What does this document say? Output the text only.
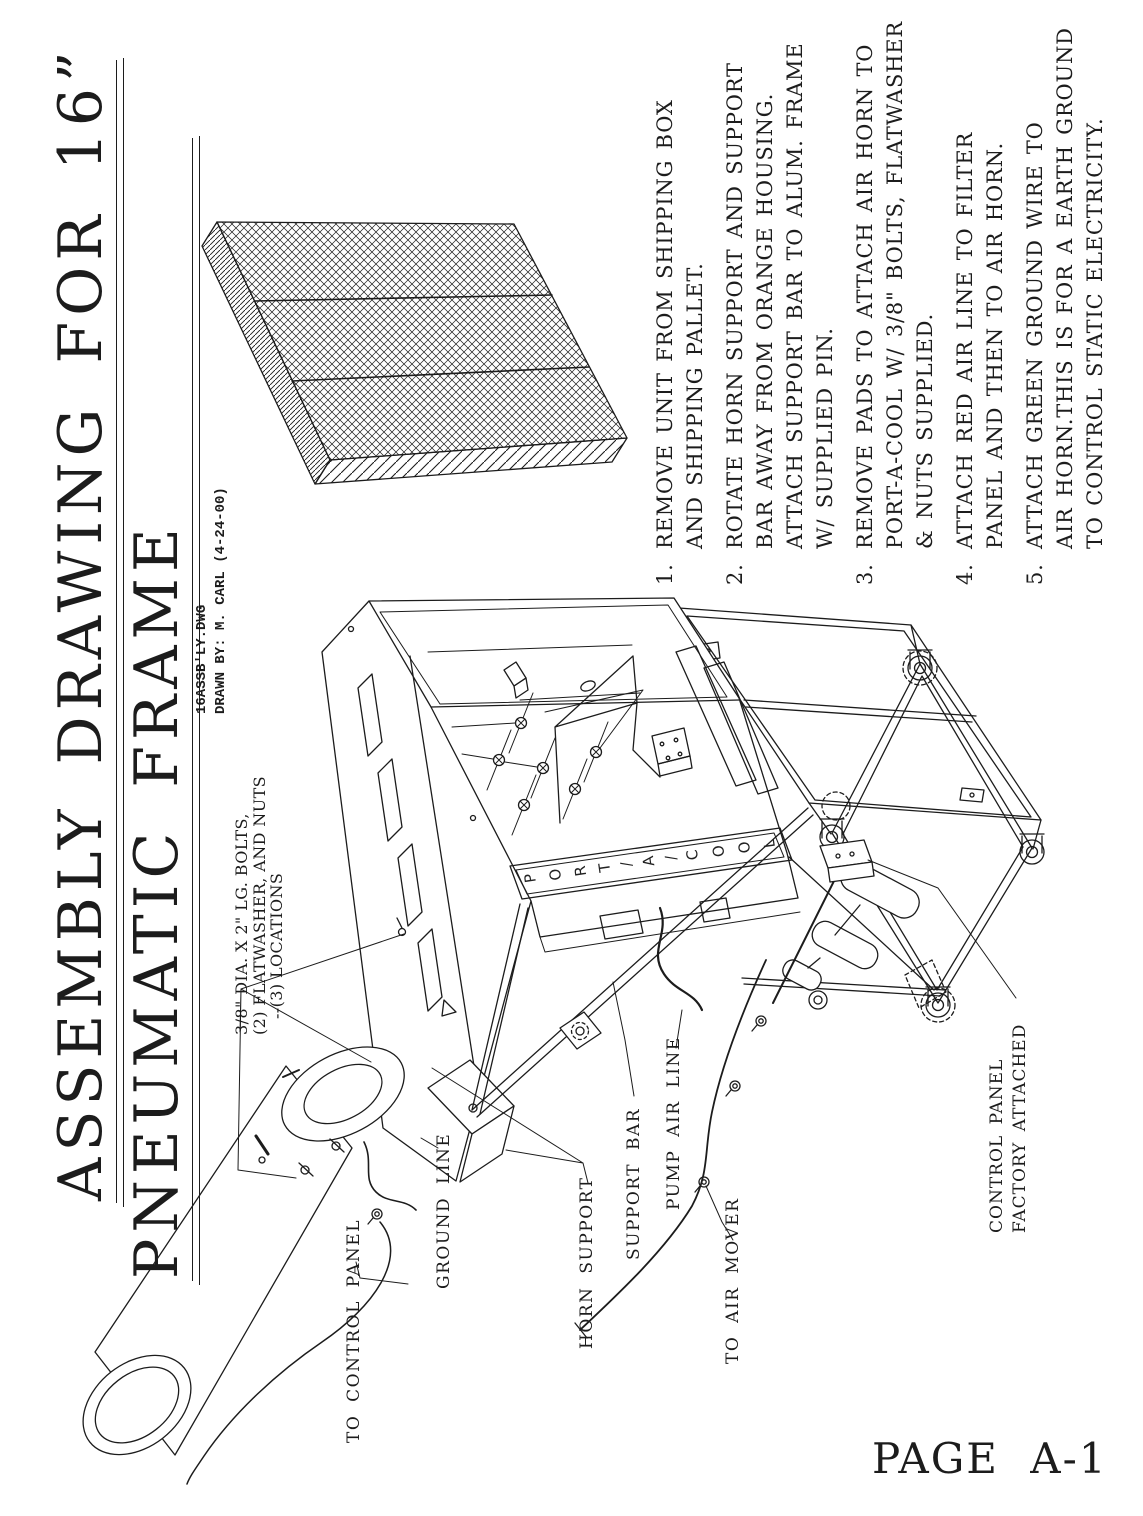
ASSEMBLY DRAWING FOR 16” PNEUMATIC FRAME 16ASSB'LY.DWG DRAWN BY: M. CARL (4-24-00)	1.
REMOVE UNIT FROM SHIPPING BOX AND SHIPPING PALLET.
2.
ROTATE HORN SUPPORT AND SUPPORT BAR AWAY FROM ORANGE HOUSING. ATTACH SUPPORT BAR TO ALUM. FRAME W/ SUPPLIED PIN.
3.
REMOVE PADS TO ATTACH AIR HORN TO PORT-A-COOL W/ 3/8" BOLTS, FLATWASHER & NUTS SUPPLIED.
4.
ATTACH RED AIR LINE TO FILTER PANEL AND THEN TO AIR HORN.
5.
ATTACH GREEN GROUND WIRE TO AIR HORN.THIS IS FOR A EARTH GROUND TO CONTROL STATIC ELECTRICITY.
3/8" DIA. X 2" LG. BOLTS,
(2) FLATWASHER, AND NUTS
--(3) LOCATIONS
TO CONTROL PANEL
GROUND LINE	HORN SUPPORT SUPPORT BAR PUMP AIR LINE
TO AIR MOVER
CONTROL PANEL FACTORY ATTACHED
P O R T / A / C O O L
PAGE A-1
